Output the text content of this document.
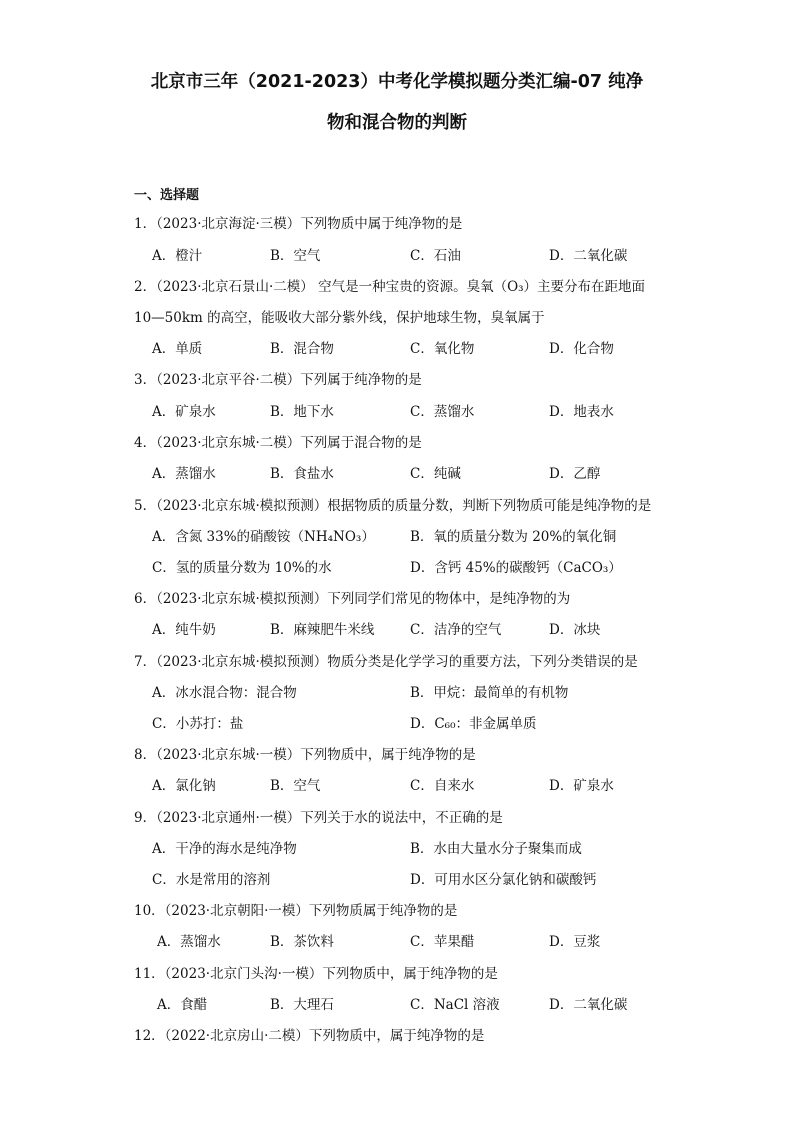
北京市三年（2021-2023）中考化学模拟题分类汇编-07 纯净
物和混合物的判断
一、选择题
1．（2023·北京海淀·三模）下列物质中属于纯净物的是
A．橙汁	B．空气	C．石油	D．二氧化碳
2．（2023·北京石景山·二模） 空气是一种宝贵的资源。臭氧（O₃）主要分布在距地面
10—50km 的高空，能吸收大部分紫外线，保护地球生物，臭氧属于
A．单质	B．混合物	C．氧化物	D．化合物
3．（2023·北京平谷·二模）下列属于纯净物的是
A．矿泉水	B．地下水	C．蒸馏水	D．地表水
4．（2023·北京东城·二模）下列属于混合物的是
A．蒸馏水	B．食盐水	C．纯碱	D．乙醇
5．（2023·北京东城·模拟预测）根据物质的质量分数，判断下列物质可能是纯净物的是
A．含氮 33%的硝酸铵（NH₄NO₃）	B．氧的质量分数为 20%的氧化铜
C．氢的质量分数为 10%的水	D．含钙 45%的碳酸钙（CaCO₃）
6．（2023·北京东城·模拟预测）下列同学们常见的物体中，是纯净物的为
A．纯牛奶	B．麻辣肥牛米线	C．洁净的空气	D．冰块
7．（2023·北京东城·模拟预测）物质分类是化学学习的重要方法，下列分类错误的是
A．冰水混合物：混合物	B．甲烷：最简单的有机物
C．小苏打：盐	D．C₆₀：非金属单质
8．（2023·北京东城·一模）下列物质中，属于纯净物的是
A．氯化钠	B．空气	C．自来水	D．矿泉水
9．（2023·北京通州·一模）下列关于水的说法中，不正确的是
A．干净的海水是纯净物	B．水由大量水分子聚集而成
C．水是常用的溶剂	D．可用水区分氯化钠和碳酸钙
10．（2023·北京朝阳·一模）下列物质属于纯净物的是
A．蒸馏水	B．茶饮料	C．苹果醋	D．豆浆
11．（2023·北京门头沟·一模）下列物质中，属于纯净物的是
A．食醋	B．大理石	C．NaCl 溶液	D．二氧化碳
12．（2022·北京房山·二模）下列物质中，属于纯净物的是
